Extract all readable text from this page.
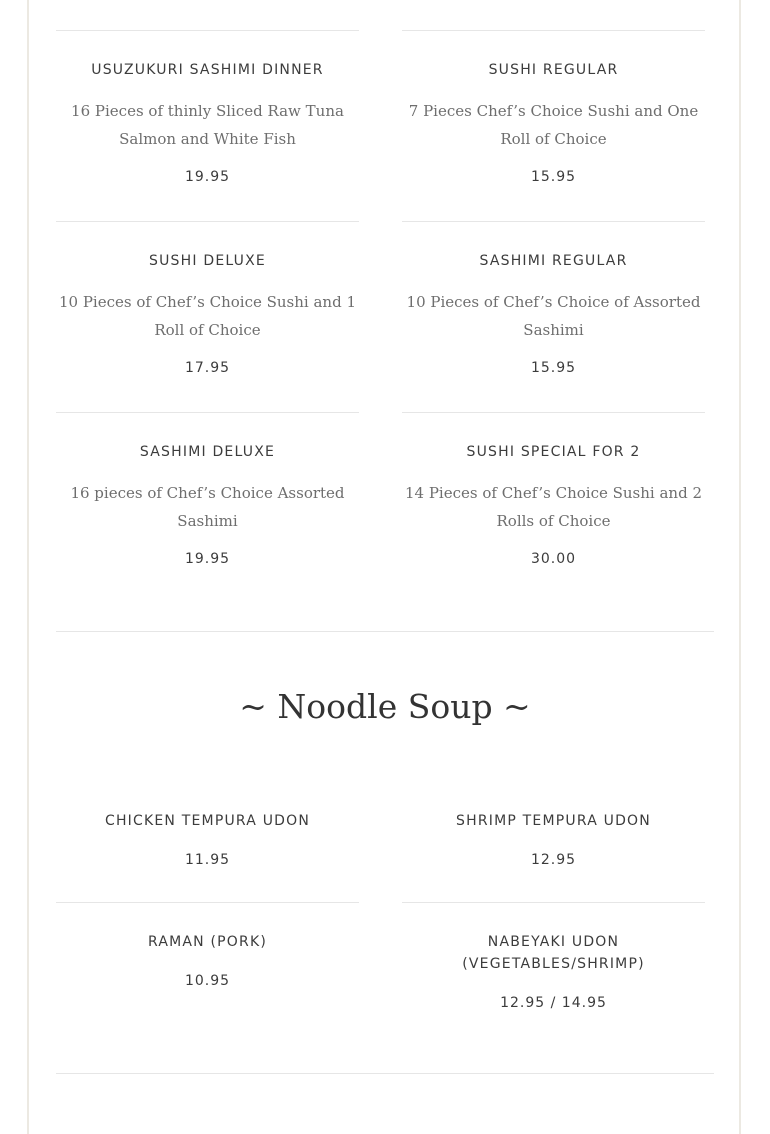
USUZUKURI SASHIMI DINNER

16 Pieces of thinly Sliced Raw Tuna Salmon and White Fish

19.95

SUSHI REGULAR

7 Pieces Chef’s Choice Sushi and One Roll of Choice

15.95

SUSHI DELUXE

10 Pieces of Chef’s Choice Sushi and 1 Roll of Choice

17.95

SASHIMI REGULAR

10 Pieces of Chef’s Choice of Assorted Sashimi

15.95

SASHIMI DELUXE

16 pieces of Chef’s Choice Assorted Sashimi

19.95

SUSHI SPECIAL FOR 2

14 Pieces of Chef’s Choice Sushi and 2 Rolls of Choice

30.00

~ Noodle Soup ~

CHICKEN TEMPURA UDON

11.95

SHRIMP TEMPURA UDON

12.95

RAMAN (PORK)

10.95

NABEYAKI UDON (VEGETABLES/SHRIMP)

12.95 / 14.95
